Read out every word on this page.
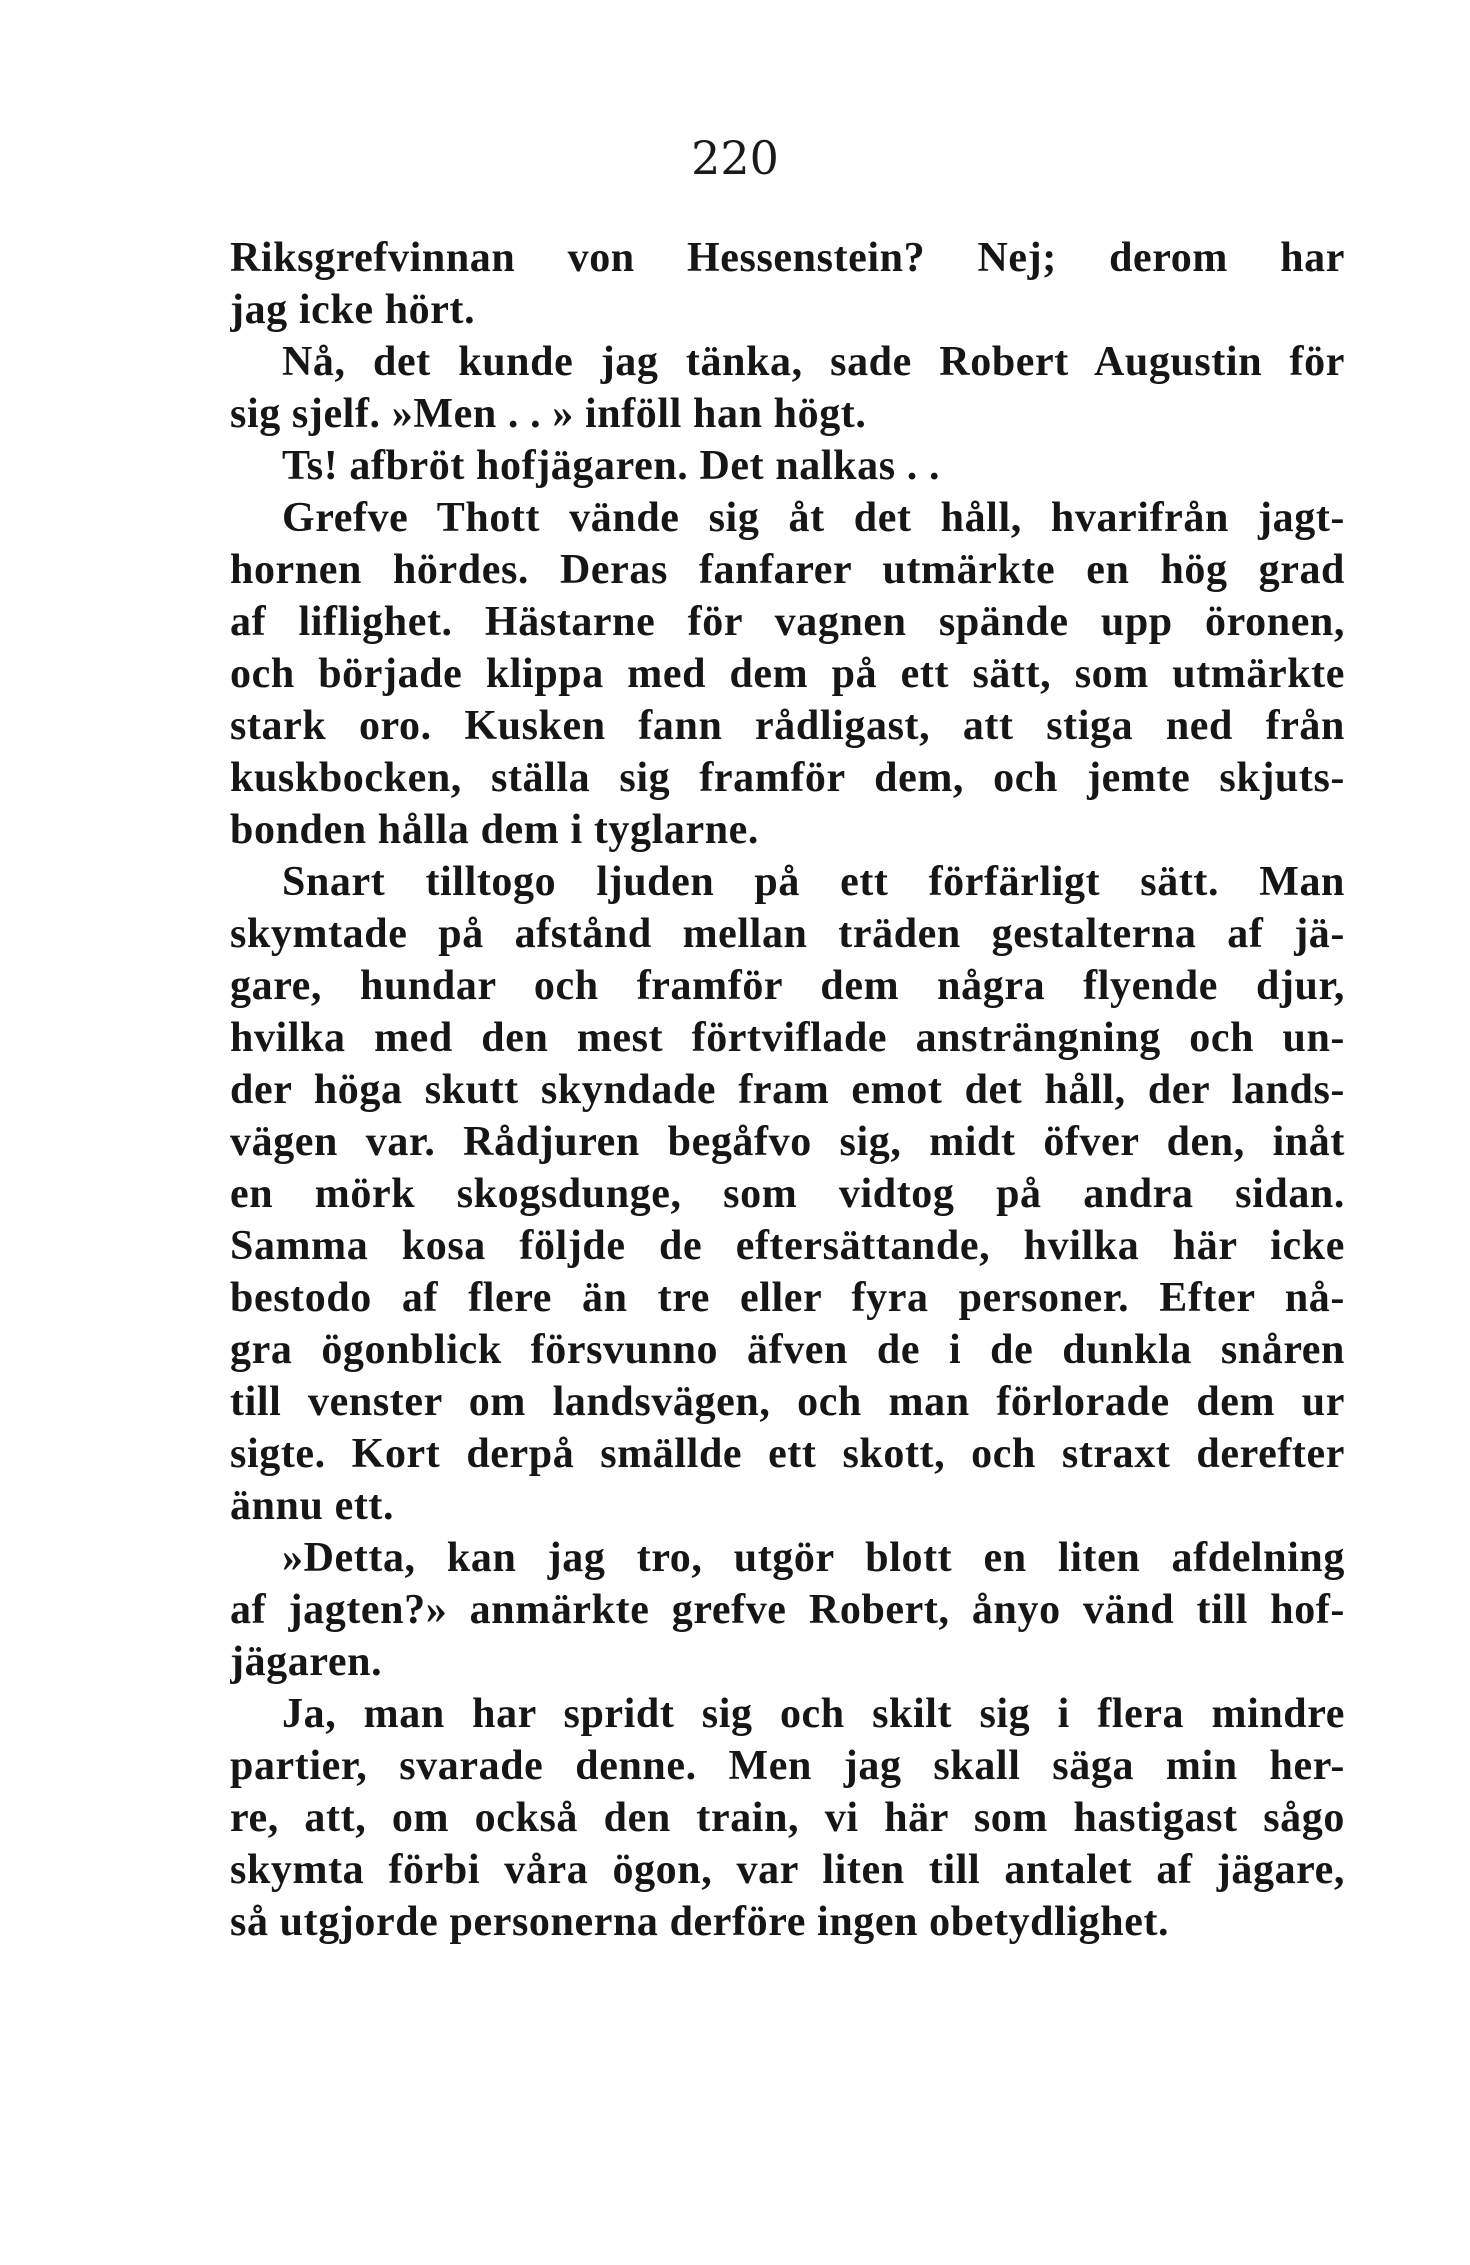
220
Riksgrefvinnan von Hessenstein? Nej; derom har
jag icke hört.
Nå, det kunde jag tänka, sade Robert Augustin för
sig sjelf. »Men . . » inföll han högt.
Ts! afbröt hofjägaren. Det nalkas . .
Grefve Thott vände sig åt det håll, hvarifrån jagt-
hornen hördes. Deras fanfarer utmärkte en hög grad
af liflighet. Hästarne för vagnen spände upp öronen,
och började klippa med dem på ett sätt, som utmärkte
stark oro. Kusken fann rådligast, att stiga ned från
kuskbocken, ställa sig framför dem, och jemte skjuts-
bonden hålla dem i tyglarne.
Snart tilltogo ljuden på ett förfärligt sätt. Man
skymtade på afstånd mellan träden gestalterna af jä-
gare, hundar och framför dem några flyende djur,
hvilka med den mest förtviflade ansträngning och un-
der höga skutt skyndade fram emot det håll, der lands-
vägen var. Rådjuren begåfvo sig, midt öfver den, inåt
en mörk skogsdunge, som vidtog på andra sidan.
Samma kosa följde de eftersättande, hvilka här icke
bestodo af flere än tre eller fyra personer. Efter nå-
gra ögonblick försvunno äfven de i de dunkla snåren
till venster om landsvägen, och man förlorade dem ur
sigte. Kort derpå smällde ett skott, och straxt derefter
ännu ett.
»Detta, kan jag tro, utgör blott en liten afdelning
af jagten?» anmärkte grefve Robert, ånyo vänd till hof-
jägaren.
Ja, man har spridt sig och skilt sig i flera mindre
partier, svarade denne. Men jag skall säga min her-
re, att, om också den train, vi här som hastigast sågo
skymta förbi våra ögon, var liten till antalet af jägare,
så utgjorde personerna derföre ingen obetydlighet.
